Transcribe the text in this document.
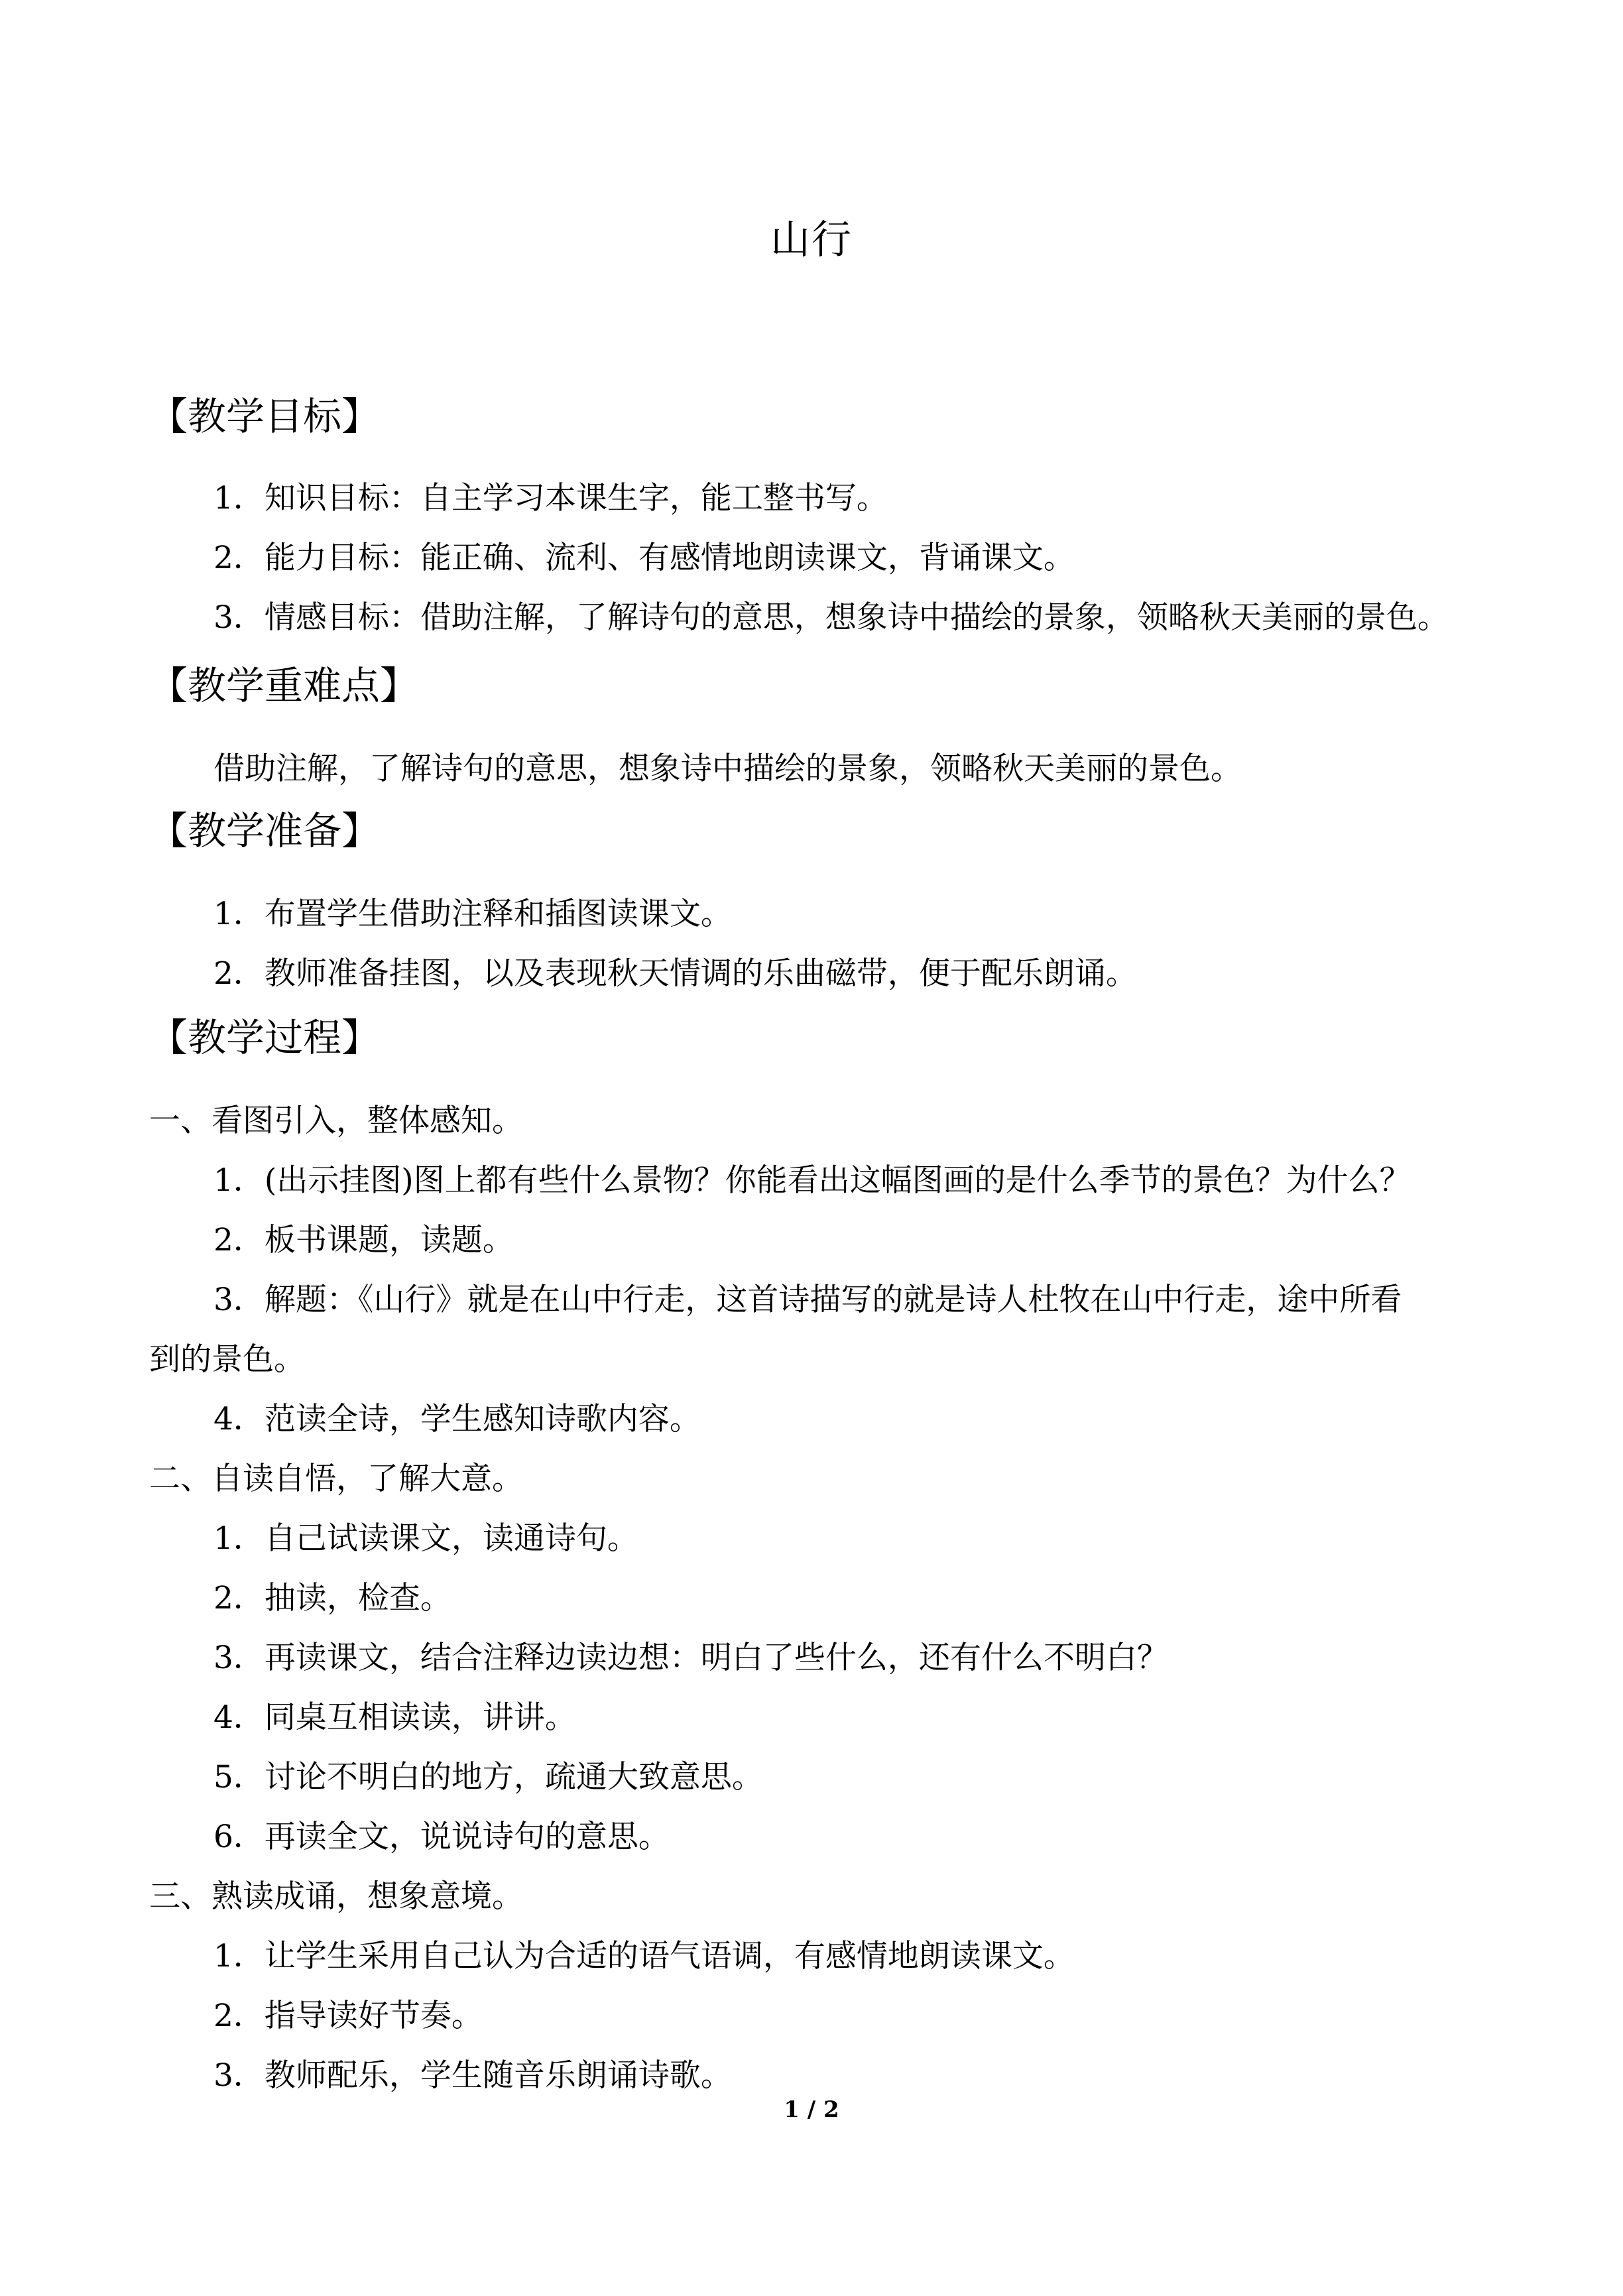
山行
【教学目标】
1．知识目标：自主学习本课生字，能工整书写。
2．能力目标：能正确、流利、有感情地朗读课文，背诵课文。
3．情感目标：借助注解，了解诗句的意思，想象诗中描绘的景象，领略秋天美丽的景色。
【教学重难点】
借助注解，了解诗句的意思，想象诗中描绘的景象，领略秋天美丽的景色。
【教学准备】
1．布置学生借助注释和插图读课文。
2．教师准备挂图，以及表现秋天情调的乐曲磁带，便于配乐朗诵。
【教学过程】
一、看图引入，整体感知。
1．(出示挂图)图上都有些什么景物？你能看出这幅图画的是什么季节的景色？为什么？
2．板书课题，读题。
3．解题：《山行》就是在山中行走，这首诗描写的就是诗人杜牧在山中行走，途中所看
到的景色。
4．范读全诗，学生感知诗歌内容。
二、自读自悟，了解大意。
1．自己试读课文，读通诗句。
2．抽读，检查。
3．再读课文，结合注释边读边想：明白了些什么，还有什么不明白？
4．同桌互相读读，讲讲。
5．讨论不明白的地方，疏通大致意思。
6．再读全文，说说诗句的意思。
三、熟读成诵，想象意境。
1．让学生采用自己认为合适的语气语调，有感情地朗读课文。
2．指导读好节奏。
3．教师配乐，学生随音乐朗诵诗歌。
1 / 2
